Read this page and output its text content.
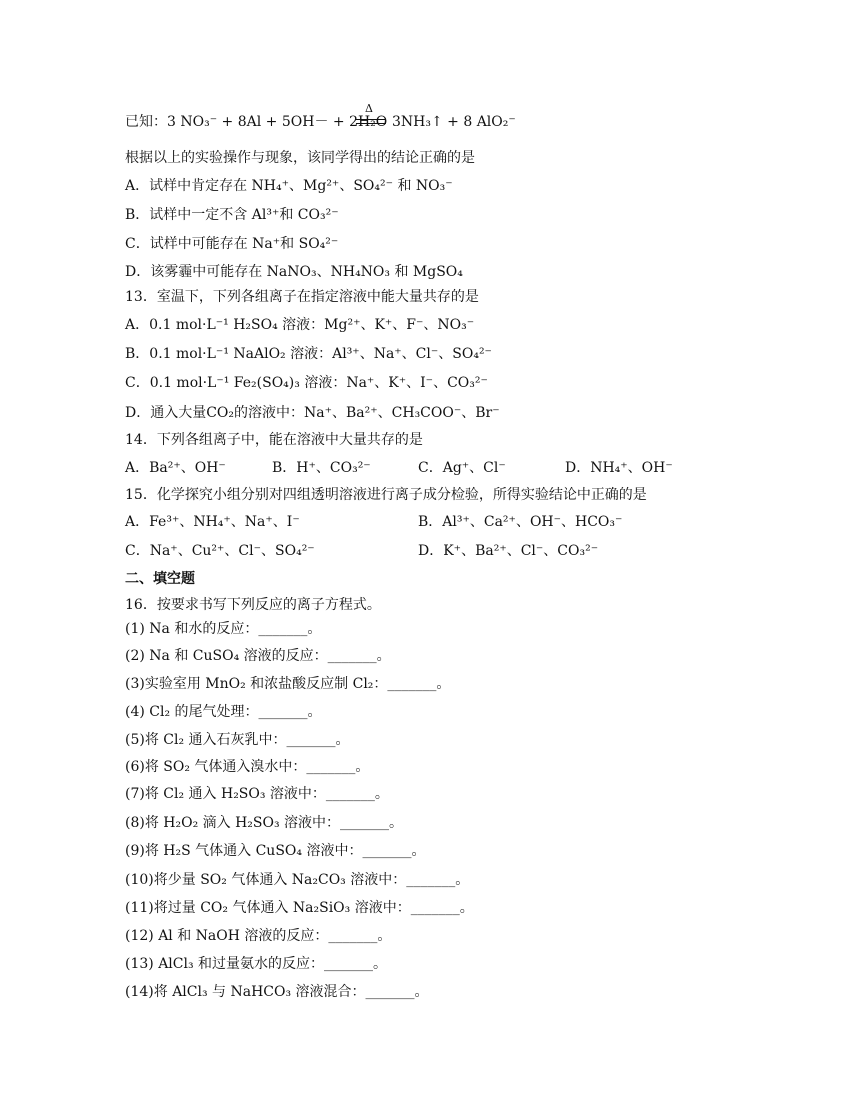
已知：3 NO₃⁻ + 8Al + 5OH－ + 2H₂O
Δ
3NH₃↑ + 8 AlO₂⁻
根据以上的实验操作与现象，该同学得出的结论正确的是
A．试样中肯定存在 NH₄⁺、Mg²⁺、SO₄²⁻ 和 NO₃⁻
B．试样中一定不含 Al³⁺和 CO₃²⁻
C．试样中可能存在 Na⁺和 SO₄²⁻
D．该雾霾中可能存在 NaNO₃、NH₄NO₃ 和 MgSO₄
13．室温下，下列各组离子在指定溶液中能大量共存的是
A．0.1 mol·L⁻¹ H₂SO₄ 溶液：Mg²⁺、K⁺、F⁻、NO₃⁻
B．0.1 mol·L⁻¹ NaAlO₂ 溶液：Al³⁺、Na⁺、Cl⁻、SO₄²⁻
C．0.1 mol·L⁻¹ Fe₂(SO₄)₃ 溶液：Na⁺、K⁺、I⁻、CO₃²⁻
D．通入大量CO₂的溶液中：Na⁺、Ba²⁺、CH₃COO⁻、Br⁻
14．下列各组离子中，能在溶液中大量共存的是
A．Ba²⁺、OH⁻	B．H⁺、CO₃²⁻	C．Ag⁺、Cl⁻	D．NH₄⁺、OH⁻
15．化学探究小组分别对四组透明溶液进行离子成分检验，所得实验结论中正确的是
A．Fe³⁺、NH₄⁺、Na⁺、I⁻	B．Al³⁺、Ca²⁺、OH⁻、HCO₃⁻
C．Na⁺、Cu²⁺、Cl⁻、SO₄²⁻	D．K⁺、Ba²⁺、Cl⁻、CO₃²⁻
二、填空题
16．按要求书写下列反应的离子方程式。
(1) Na 和水的反应：_______。
(2) Na 和 CuSO₄ 溶液的反应：_______。
(3)实验室用 MnO₂ 和浓盐酸反应制 Cl₂：_______。
(4) Cl₂ 的尾气处理：_______。
(5)将 Cl₂ 通入石灰乳中：_______。
(6)将 SO₂ 气体通入溴水中：_______。
(7)将 Cl₂ 通入 H₂SO₃ 溶液中：_______。
(8)将 H₂O₂ 滴入 H₂SO₃ 溶液中：_______。
(9)将 H₂S 气体通入 CuSO₄ 溶液中：_______。
(10)将少量 SO₂ 气体通入 Na₂CO₃ 溶液中：_______。
(11)将过量 CO₂ 气体通入 Na₂SiO₃ 溶液中：_______。
(12) Al 和 NaOH 溶液的反应：_______。
(13) AlCl₃ 和过量氨水的反应：_______。
(14)将 AlCl₃ 与 NaHCO₃ 溶液混合：_______。
